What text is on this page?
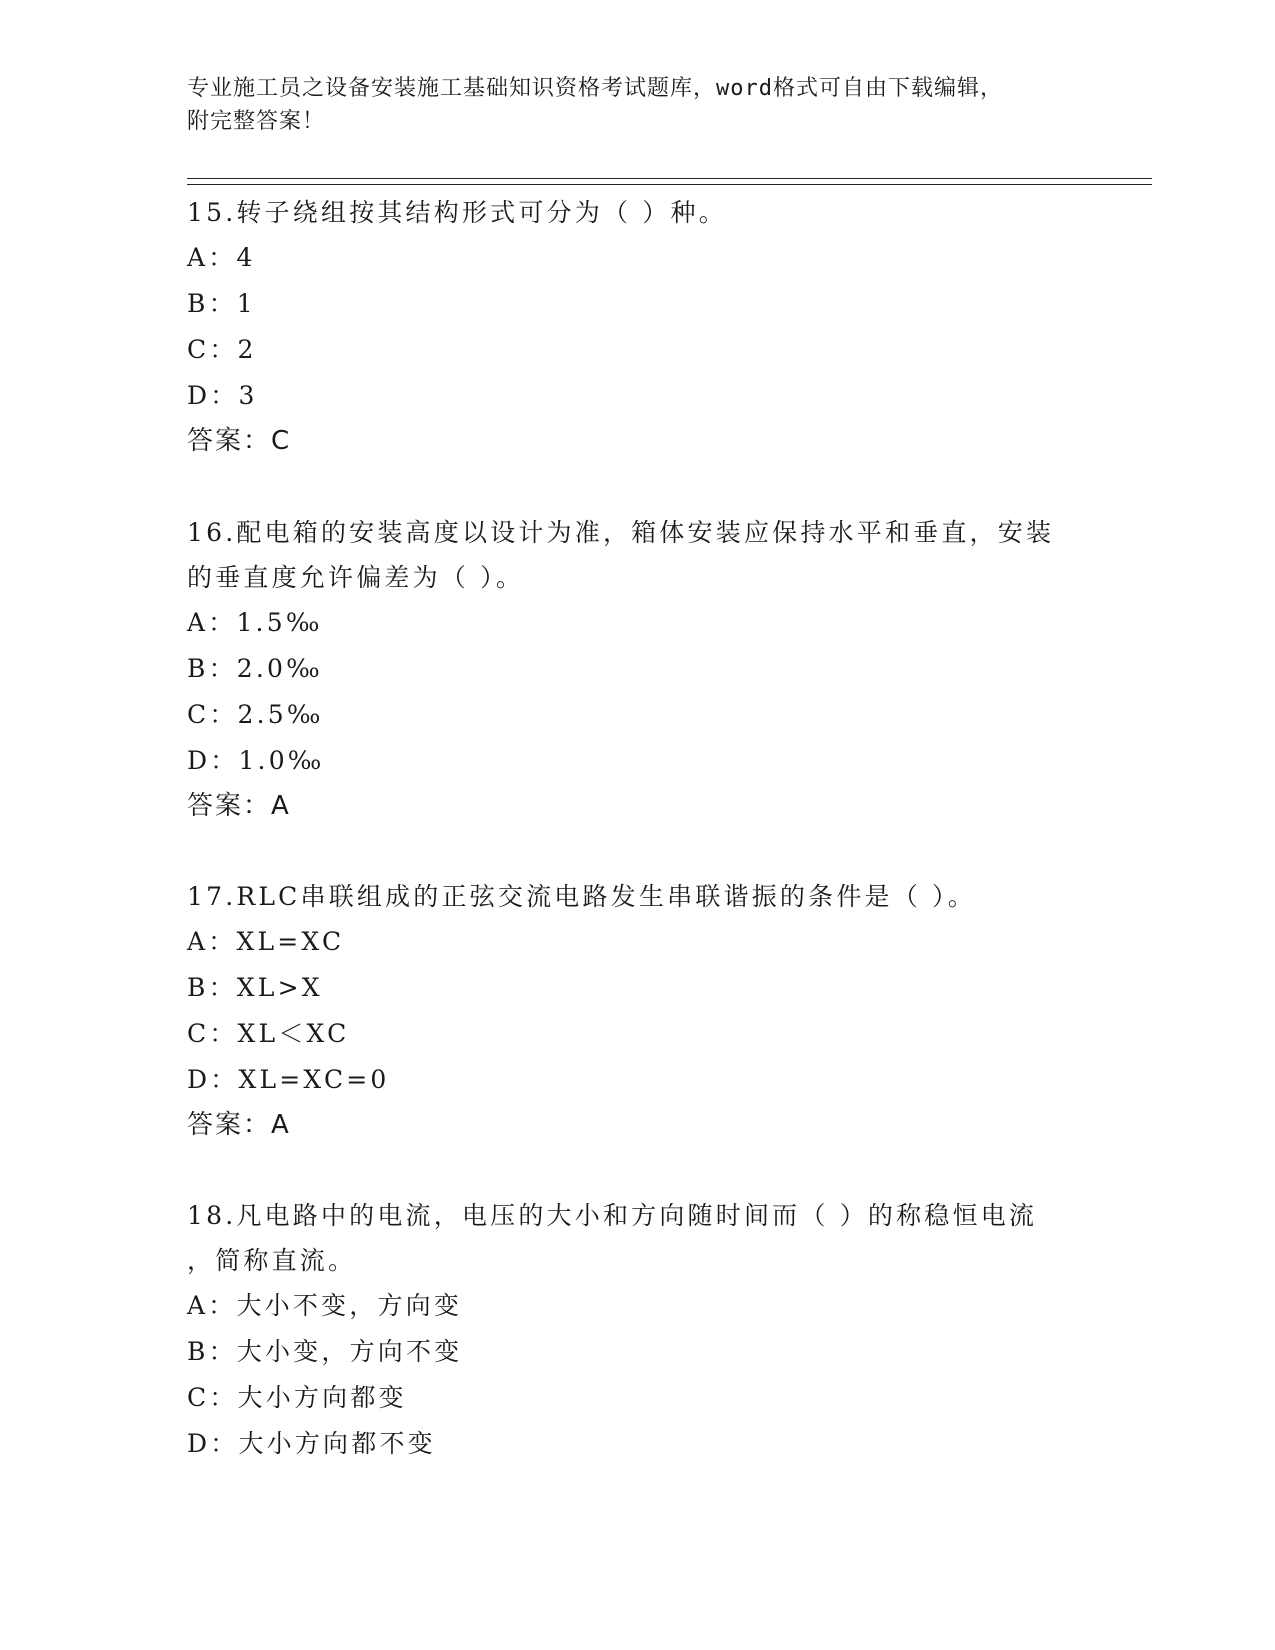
专业施工员之设备安装施工基础知识资格考试题库，word格式可自由下载编辑，
附完整答案！
15.转子绕组按其结构形式可分为（ ）种。
A：4
B：1
C：2
D：3
答案：C
16.配电箱的安装高度以设计为准，箱体安装应保持水平和垂直，安装
的垂直度允许偏差为（ ）。
A：1.5‰
B：2.0‰
C：2.5‰
D：1.0‰
答案：A
17.RLC串联组成的正弦交流电路发生串联谐振的条件是（ ）。
A：XL=XC
B：XL>X
C：XL＜XC
D：XL=XC=0
答案：A
18.凡电路中的电流，电压的大小和方向随时间而（ ）的称稳恒电流
，简称直流。
A：大小不变，方向变
B：大小变，方向不变
C：大小方向都变
D：大小方向都不变
